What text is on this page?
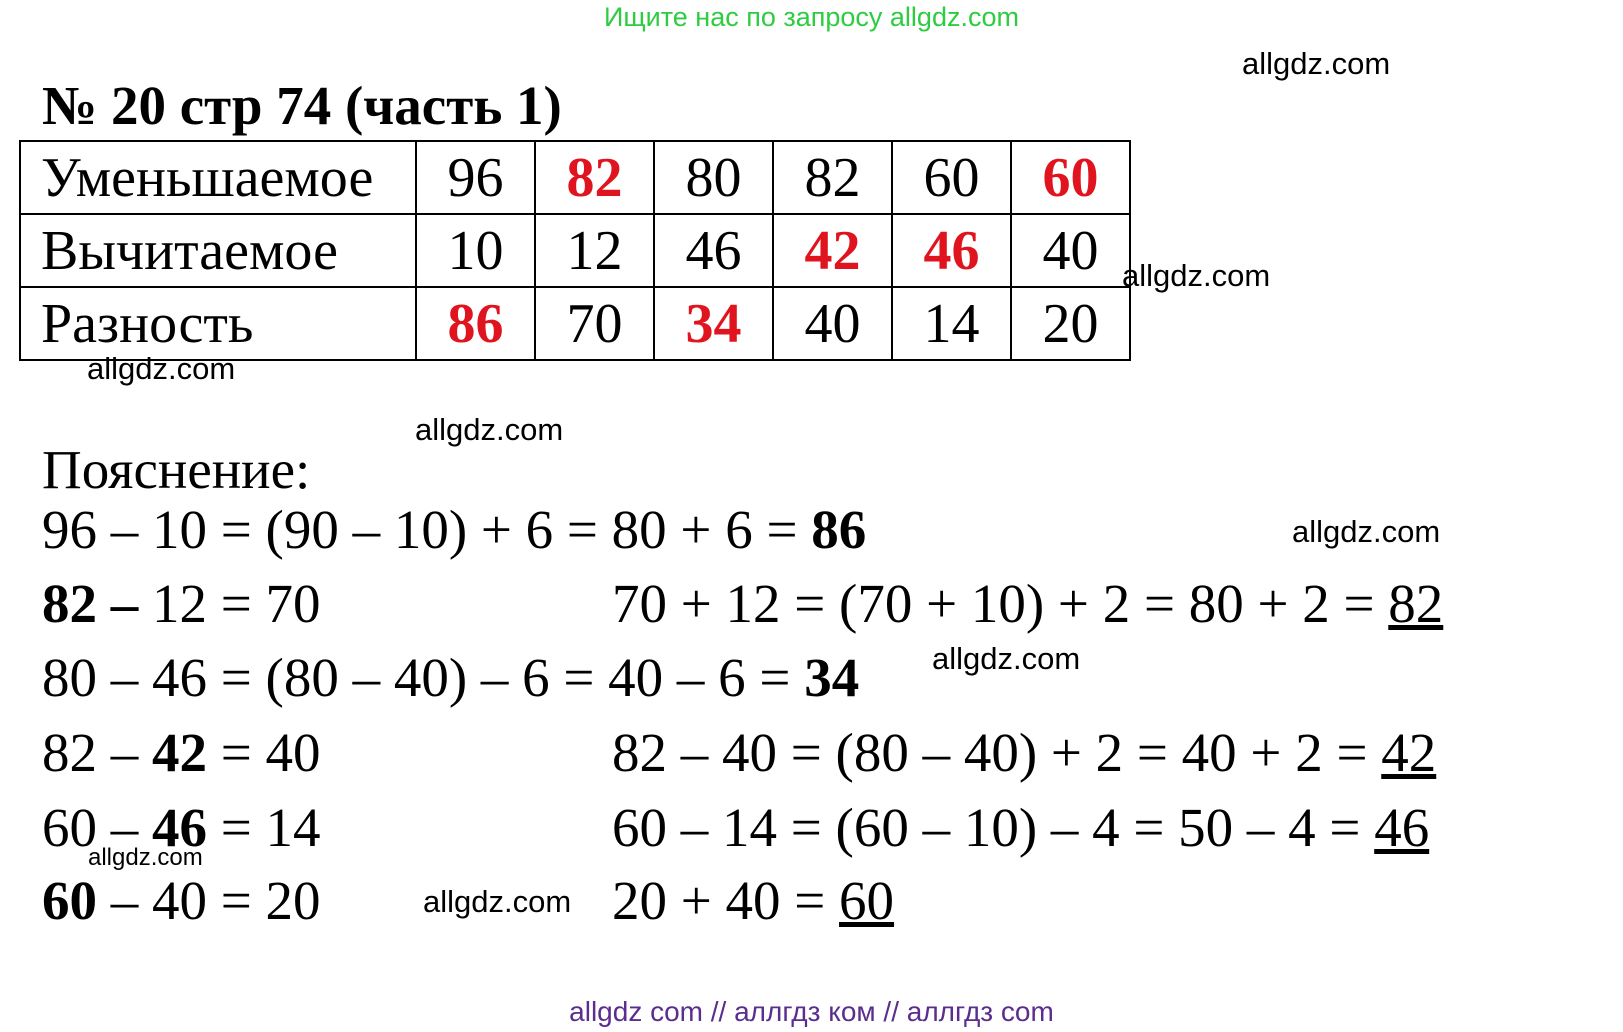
Ищите нас по запросу allgdz.com
allgdz.com
№ 20 стр 74 (часть 1)
Уменьшаемое	96	82	80	82	60	60
Вычитаемое	10	12	46	42	46	40
Разность	86	70	34	40	14	20
allgdz.com
allgdz.com
allgdz.com
Пояснение:
96 – 10 = (90 – 10) + 6 = 80 + 6 = 86	allgdz.com
82 – 12 = 70	70 + 12 = (70 + 10) + 2 = 80 + 2 = 82
80 – 46 = (80 – 40) – 6 = 40 – 6 = 34 allgdz.com
82 – 42 = 40	82 – 40 = (80 – 40) + 2 = 40 + 2 = 42
60 – 46 = 14	60 – 14 = (60 – 10) – 4 = 50 – 4 = 46
allgdz.com
60 – 40 = 20	allgdz.com 20 + 40 = 60
allgdz com // аллгдз ком // аллгдз com
